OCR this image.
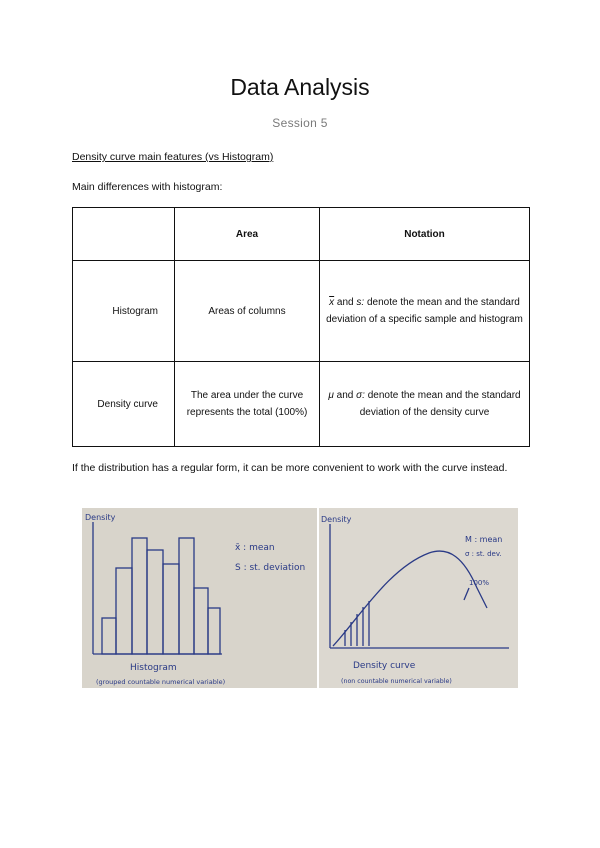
Data Analysis
Session 5
Density curve main features (vs Histogram)
Main differences with histogram:
	Area	Notation
Histogram	Areas of columns	$\overline{x}$ and s: denote the mean and the standard deviation of a specific sample and histogram
Density curve	The area under the curve represents the total (100%)	μ and σ: denote the mean and the standard deviation of the density curve
If the distribution has a regular form, it can be more convenient to work with the curve instead.
Density
x̄ : mean
S : st. deviation
Histogram
(grouped countable numerical variable)
Density
M : mean
σ : st. dev.
100%
Density curve
(non countable numerical variable)
